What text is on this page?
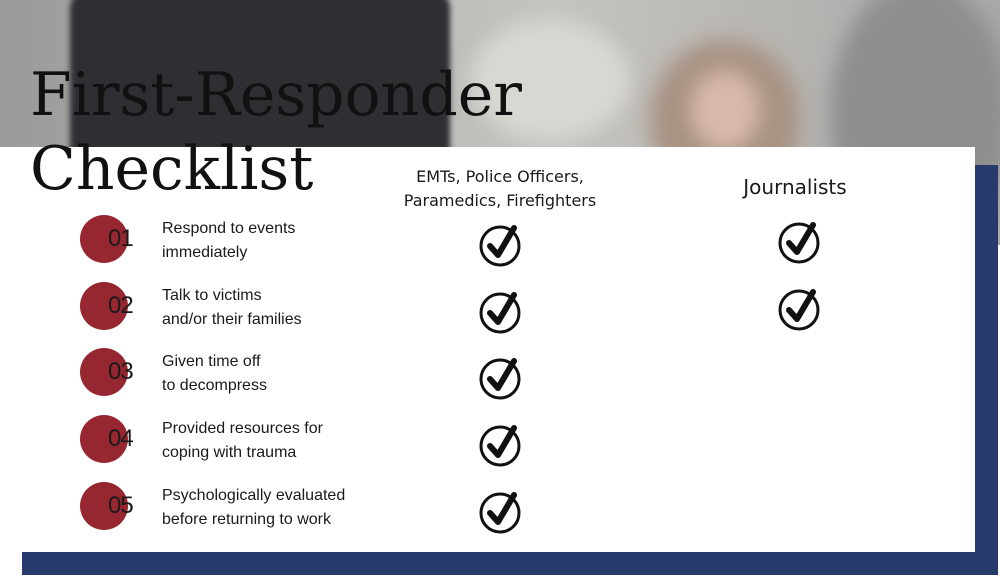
First-Responder
Checklist	EMTs, Police Officers,
Paramedics, Firefighters
Journalists
01 Respond to events
immediately
02 Talk to victims
and/or their families
03 Given time off
to decompress
04 Provided resources for
coping with trauma
05 Psychologically evaluated
before returning to work
